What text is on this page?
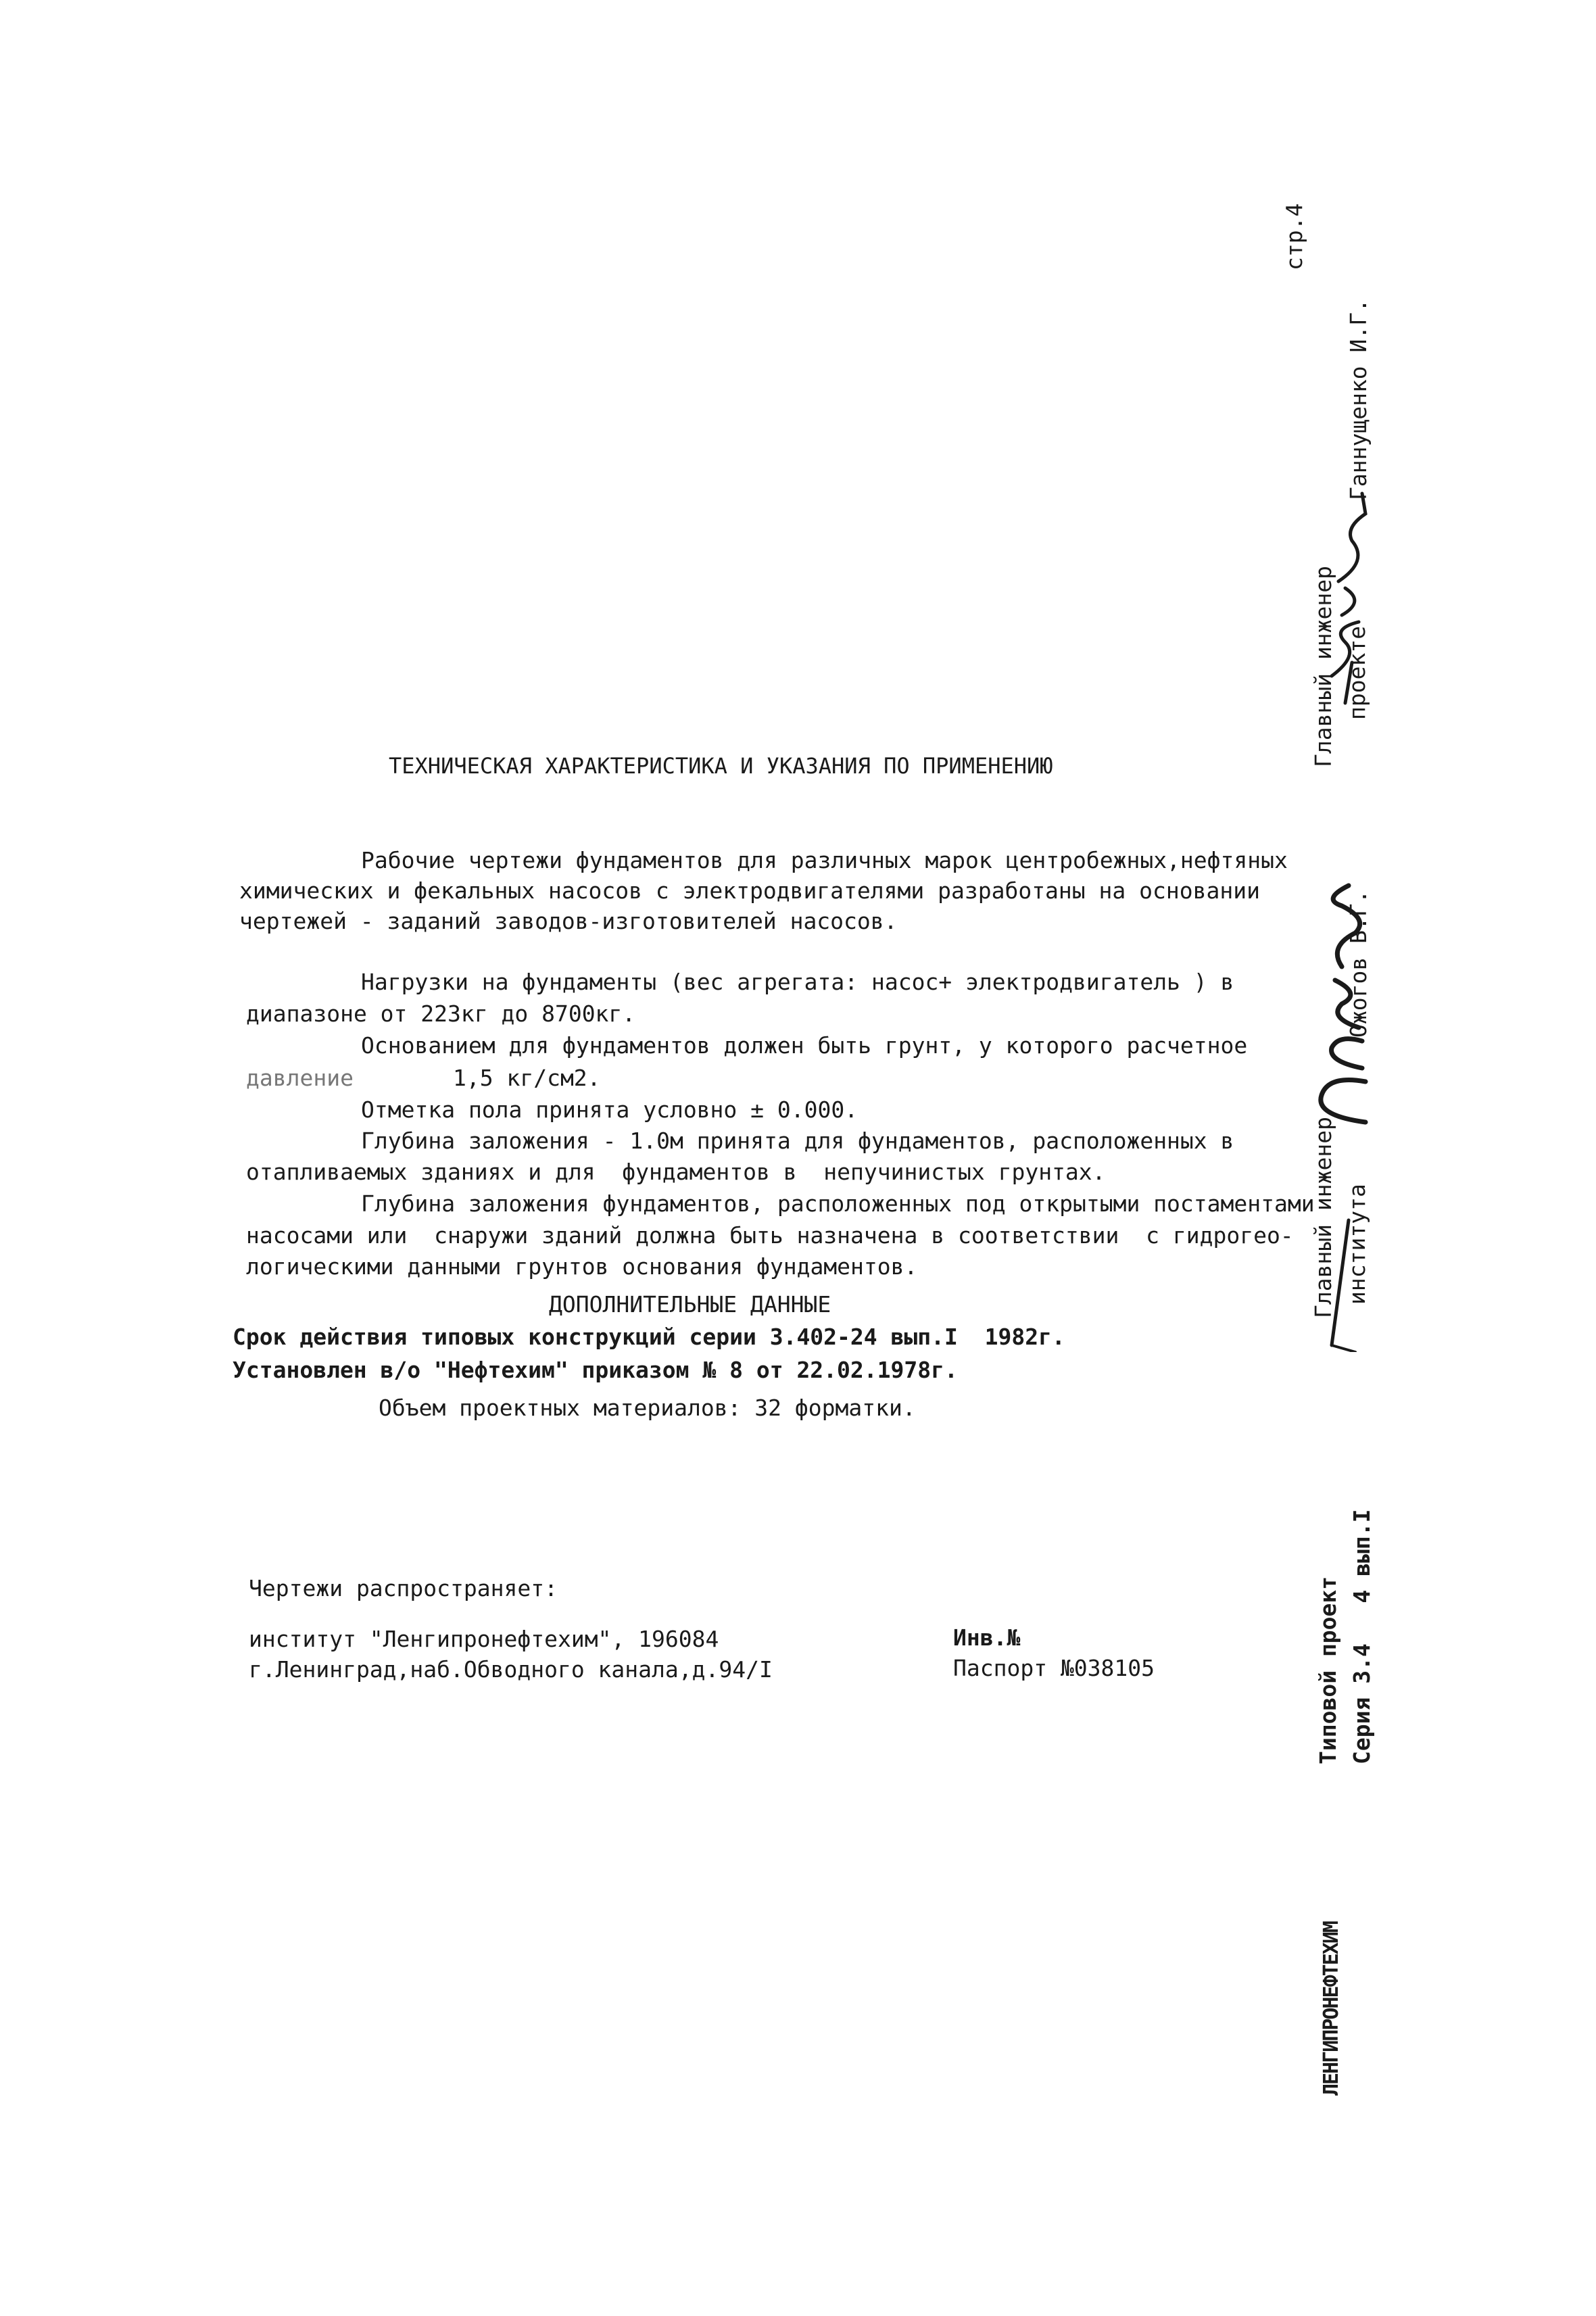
ТЕХНИЧЕСКАЯ ХАРАКТЕРИСТИКА И УКАЗАНИЯ ПО ПРИМЕНЕНИЮ
Рабочие чертежи фундаментов для различных марок центробежных,нефтяных
химических и фекальных насосов с электродвигателями разработаны на основании
чертежей - заданий заводов-изготовителей насосов.
Нагрузки на фундаменты (вес агрегата: насос+ электродвигатель ) в
диапазоне от 223кг до 8700кг.
Основанием для фундаментов должен быть грунт, у которого расчетное
давление	1,5 кг/см2.
Отметка пола принята условно ± 0.000.
Глубина заложения - 1.0м принята для фундаментов, расположенных в
отапливаемых зданиях и для  фундаментов в  непучинистых грунтах.
Глубина заложения фундаментов, расположенных под открытыми постаментами
насосами или  снаружи зданий должна быть назначена в соответствии  с гидрогео-
логическими данными грунтов основания фундаментов.
ДОПОЛНИТЕЛЬНЫЕ ДАННЫЕ
Срок действия типовых конструкций серии 3.402-24 вып.I  1982г.
Установлен в/о "Нефтехим" приказом № 8 от 22.02.1978г.
Объем проектных материалов: 32 форматки.
Чертежи распространяет:
институт "Ленгипронефтехим", 196084
г.Ленинград,наб.Обводного канала,д.94/I
Инв.№
Паспорт №038105
стр.4
Главный инженер проекте
Ганнущенко И.Г.
Главный инженер института
Ожогов В.Г.
Типовой проект Серия 3.4   4 вып.I
ЛЕНГИПРОНЕФТЕХИМ
